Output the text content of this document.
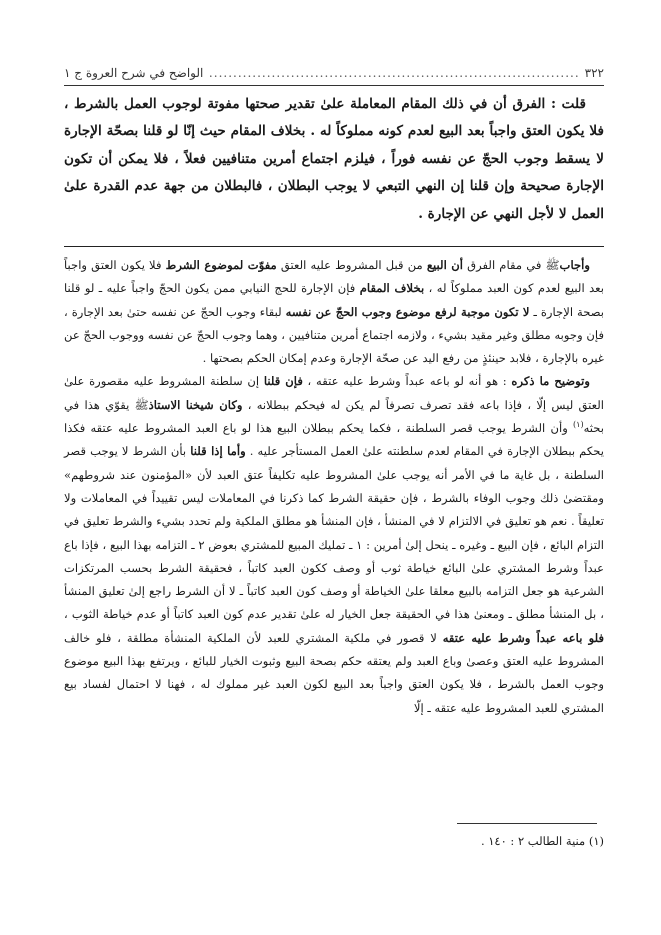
٣٢٢
.....
الواضح في شرح العروة ج ١

قلت : الفرق أن في ذلك المقام المعاملة علىٰ تقدير صحتها مفوتة لوجوب العمل بالشرط ، فلا يكون العتق واجباً بعد البيع لعدم كونه مملوكاً له . بخلاف المقام حيث إنّا لو قلنا بصحّة الإجارة لا يسقط وجوب الحجّ عن نفسه فوراً ، فيلزم اجتماع أمرين متنافيين فعلاً ، فلا يمكن أن تكون الإجارة صحيحة وإن قلنا إن النهي التبعي لا يوجب البطلان ، فالبطلان من جهة عدم القدرة علىٰ العمل لا لأجل النهي عن الإجارة .

وأجابﷺ في مقام الفرق أن البيع من قبل المشروط عليه العتق مفوّت لموضوع الشرط فلا يكون العتق واجباً بعد البيع لعدم كون العبد مملوكاً له ، بخلاف المقام فإن الإجارة للحج النيابي ممن يكون الحجّ واجباً عليه ـ لو قلنا بصحة الإجارة ـ لا تكون موجبة لرفع موضوع وجوب الحجّ عن نفسه لبقاء وجوب الحجّ عن نفسه حتىٰ بعد الإجارة ، فإن وجوبه مطلق وغير مقيد بشيء ، ولازمه اجتماع أمرين متنافيين ، وهما وجوب الحجّ عن نفسه ووجوب الحجّ عن غيره بالإجارة ، فلابد حينئذٍ من رفع اليد عن صحّة الإجارة وعدم إمكان الحكم بصحتها .

وتوضيح ما ذكره : هو أنه لو باعه عبداً وشرط عليه عتقه ، فإن قلنا إن سلطنة المشروط عليه مقصورة علىٰ العتق ليس إلّا ، فإذا باعه فقد تصرف تصرفاً لم يكن له فيحكم ببطلانه ، وكان شيخنا الاستاذﷺ يقوّي هذا في بحثه$^{(١)}$ وأن الشرط يوجب قصر السلطنة ، فكما يحكم ببطلان البيع هذا لو باع العبد المشروط عليه عتقه فكذا يحكم ببطلان الإجارة في المقام لعدم سلطنته علىٰ العمل المستأجر عليه . وأما إذا قلنا بأن الشرط لا يوجب قصر السلطنة ، بل غاية ما في الأمر أنه يوجب علىٰ المشروط عليه تكليفاً عتق العبد لأن «المؤمنون عند شروطهم» ومقتضىٰ ذلك وجوب الوفاء بالشرط ، فإن حقيقة الشرط كما ذكرنا في المعاملات ليس تقييداً في المعاملات ولا تعليقاً . نعم هو تعليق في الالتزام لا في المنشأ ، فإن المنشأ هو مطلق الملكية ولم تحدد بشيء والشرط تعليق في التزام البائع ، فإن البيع ـ وغيره ـ ينحل إلىٰ أمرين : ١ ـ تمليك المبيع للمشتري بعوض ٢ ـ التزامه بهذا البيع ، فإذا باع عبداً وشرط المشتري علىٰ البائع خياطة ثوب أو وصف ككون العبد كاتباً ، فحقيقة الشرط بحسب المرتكزات الشرعية هو جعل التزامه بالبيع معلقا علىٰ الخياطة أو وصف كون العبد كاتباً ـ لا أن الشرط راجع إلىٰ تعليق المنشأ ، بل المنشأ مطلق ـ ومعنىٰ هذا في الحقيقة جعل الخيار له علىٰ تقدير عدم كون العبد كاتباً أو عدم خياطة الثوب ، فلو باعه عبداً وشرط عليه عتقه لا قصور في ملكية المشتري للعبد لأن الملكية المنشأة مطلقة ، فلو خالف المشروط عليه العتق وعصىٰ وباع العبد ولم يعتقه حكم بصحة البيع وثبوت الخيار للبائع ، ويرتفع بهذا البيع موضوع وجوب العمل بالشرط ، فلا يكون العتق واجباً بعد البيع لكون العبد غير مملوك له ، فهنا لا احتمال لفساد بيع المشتري للعبد المشروط عليه عتقه ـ إلّا

(١) منية الطالب ٢ : ١٤٠ .
